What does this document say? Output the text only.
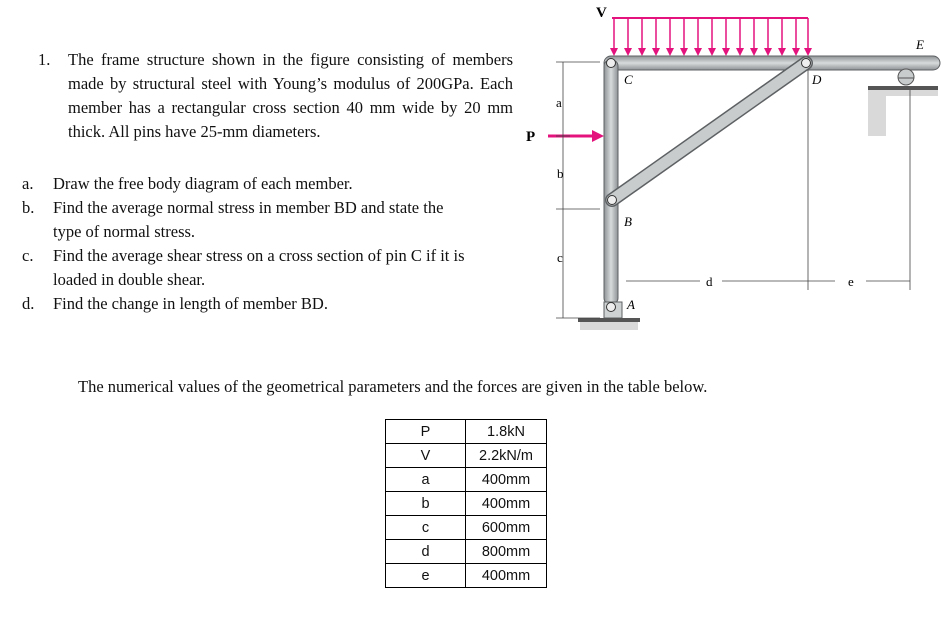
1. The frame structure shown in the figure consisting of members made by structural steel with Young’s modulus of 200GPa. Each member has a rectangular cross section 40 mm wide by 20 mm thick. All pins have 25-mm diameters.
a. Draw the free body diagram of each member.
b. Find the average normal stress in member BD and state the type of normal stress.
c. Find the average shear stress on a cross section of pin C if it is loaded in double shear.
d. Find the change in length of member BD.
V
P
a
b
c
d	e
C	D
B
A
E
The numerical values of the geometrical parameters and the forces are given in the table below.
P	1.8kN
V	2.2kN/m
a	400mm
b	400mm
c	600mm
d	800mm
e	400mm
